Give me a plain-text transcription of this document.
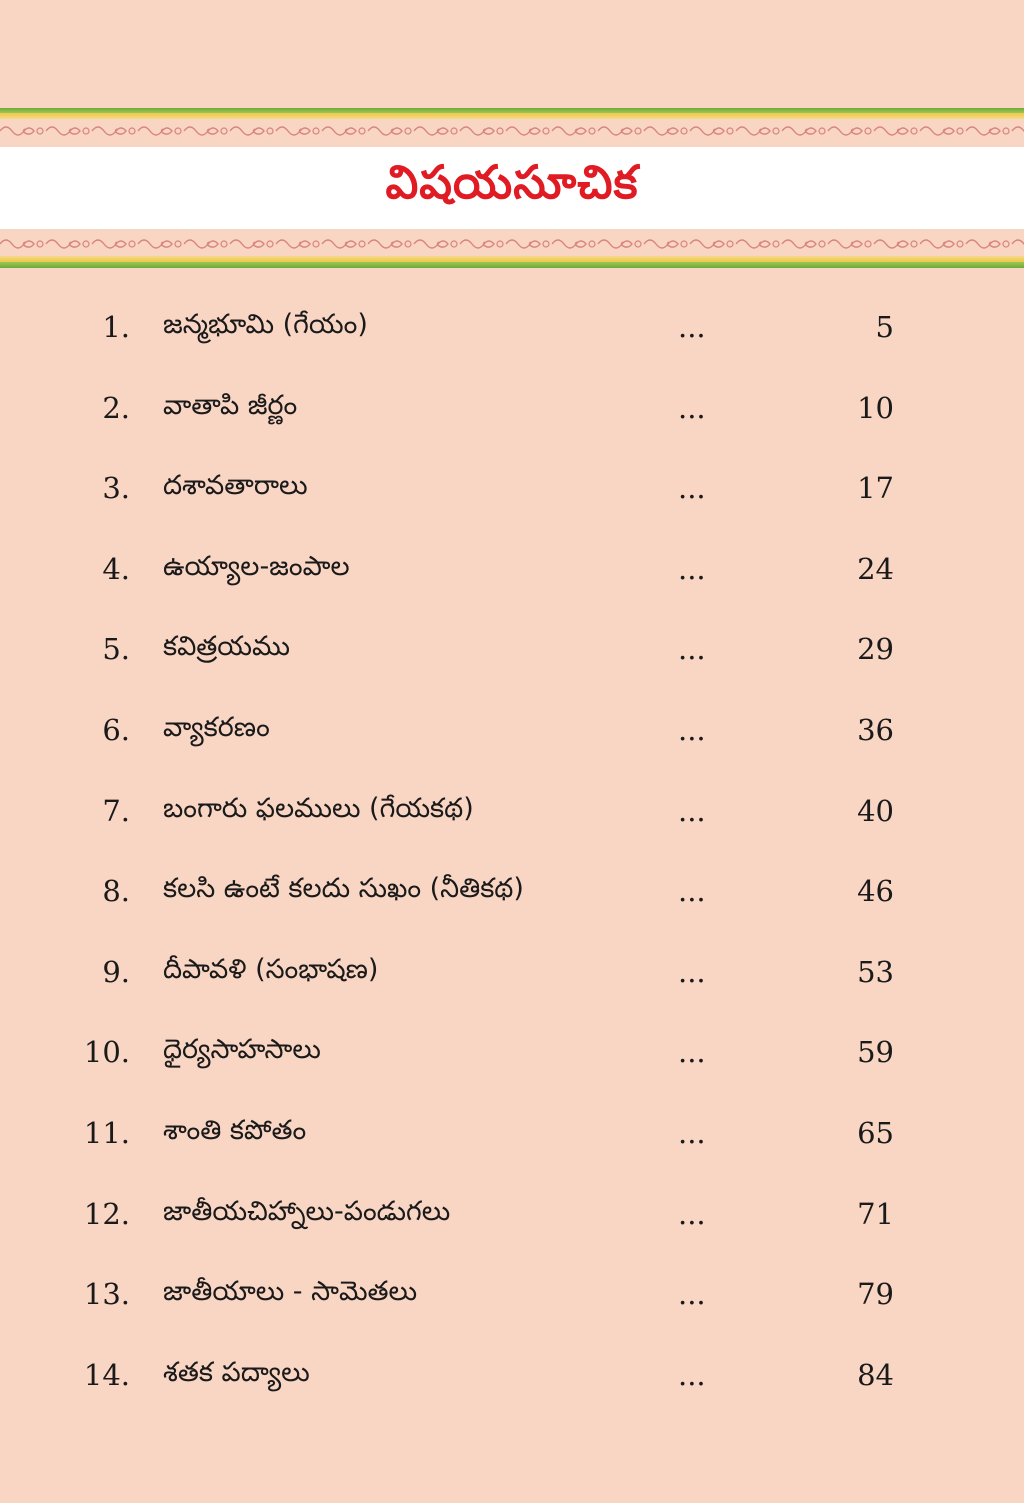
విషయసూచిక
1. జన్మభూమి (గేయం)	...	5
2. వాతాపి జీర్ణం	...	10
3. దశావతారాలు	...	17
4. ఉయ్యాల-జంపాల	...	24
5. కవిత్రయము	...	29
6. వ్యాకరణం	...	36
7. బంగారు ఫలములు (గేయకథ)	...	40
8. కలసి ఉంటే కలదు సుఖం (నీతికథ)	...	46
9. దీపావళి (సంభాషణ)	...	53
10. ధైర్యసాహసాలు	...	59
11. శాంతి కపోతం	...	65
12. జాతీయచిహ్నాలు-పండుగలు	...	71
13. జాతీయాలు - సామెతలు	...	79
14. శతక పద్యాలు	...	84
